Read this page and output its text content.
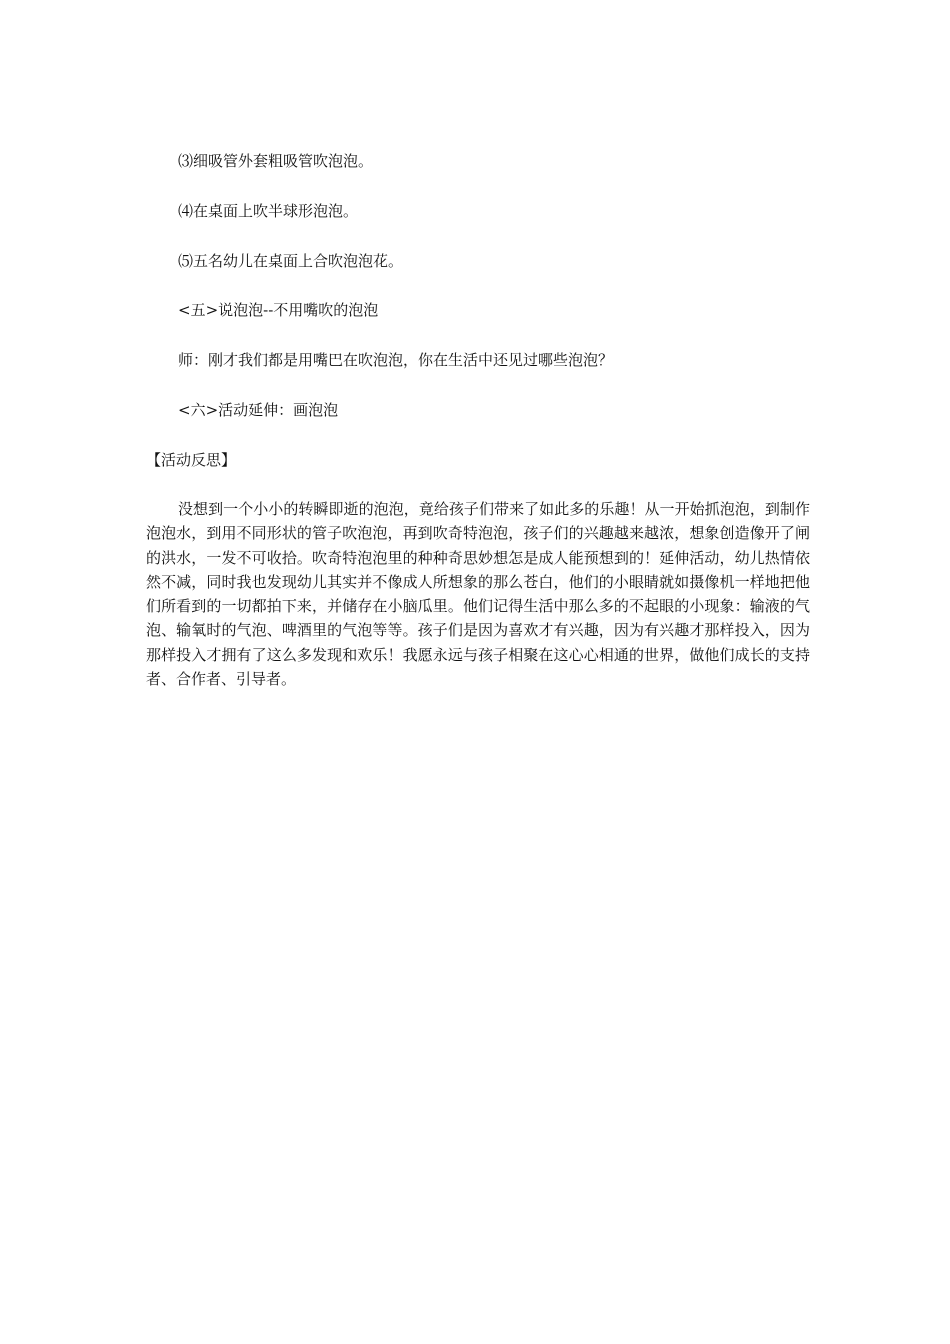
⑶细吸管外套粗吸管吹泡泡。
⑷在桌面上吹半球形泡泡。
⑸五名幼儿在桌面上合吹泡泡花。
<五>说泡泡--不用嘴吹的泡泡
师：刚才我们都是用嘴巴在吹泡泡，你在生活中还见过哪些泡泡？
<六>活动延伸：画泡泡
【活动反思】
没想到一个小小的转瞬即逝的泡泡，竟给孩子们带来了如此多的乐趣！从一开始抓泡泡，到制作泡泡水，到用不同形状的管子吹泡泡，再到吹奇特泡泡，孩子们的兴趣越来越浓，想象创造像开了闸的洪水，一发不可收拾。吹奇特泡泡里的种种奇思妙想怎是成人能预想到的！延伸活动，幼儿热情依然不减，同时我也发现幼儿其实并不像成人所想象的那么苍白，他们的小眼睛就如摄像机一样地把他们所看到的一切都拍下来，并储存在小脑瓜里。他们记得生活中那么多的不起眼的小现象：输液的气泡、输氧时的气泡、啤酒里的气泡等等。孩子们是因为喜欢才有兴趣，因为有兴趣才那样投入，因为那样投入才拥有了这么多发现和欢乐！我愿永远与孩子相聚在这心心相通的世界，做他们成长的支持者、合作者、引导者。
